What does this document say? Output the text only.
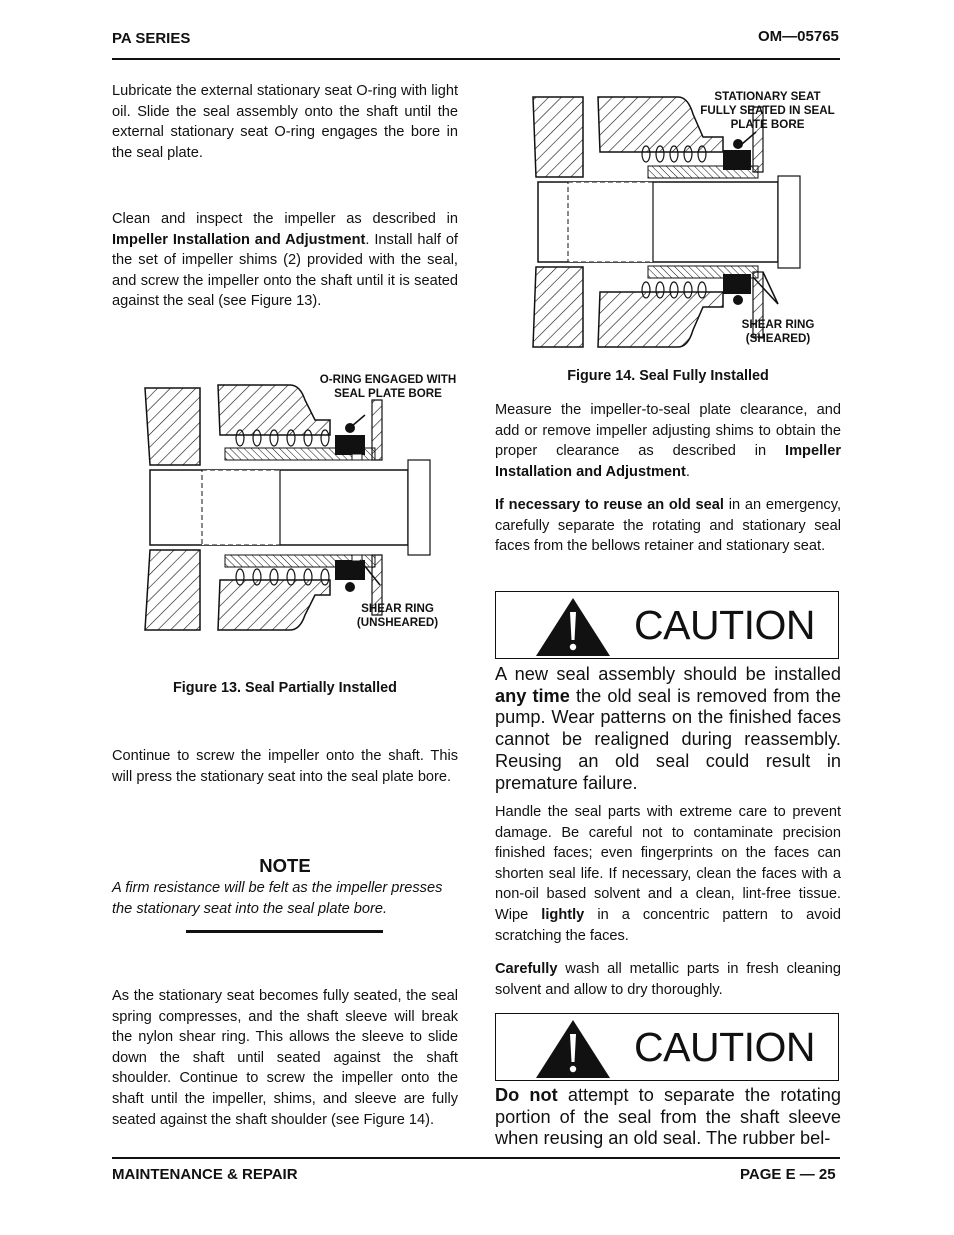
PA SERIES	OM—05765

Lubricate the external stationary seat O-ring with light oil. Slide the seal assembly onto the shaft until the external stationary seat O-ring engages the bore in the seal plate.

Clean and inspect the impeller as described in Impeller Installation and Adjustment. Install half of the set of impeller shims (2) provided with the seal, and screw the impeller onto the shaft until it is seated against the seal (see Figure 13).

O-RING ENGAGED WITH SEAL PLATE BORE
SHEAR RING (UNSHEARED)
Figure 13. Seal Partially Installed

Continue to screw the impeller onto the shaft. This will press the stationary seat into the seal plate bore.

NOTE

A firm resistance will be felt as the impeller presses the stationary seat into the seal plate bore.

As the stationary seat becomes fully seated, the seal spring compresses, and the shaft sleeve will break the nylon shear ring. This allows the sleeve to slide down the shaft until seated against the shaft shoulder. Continue to screw the impeller onto the shaft until the impeller, shims, and sleeve are fully seated against the shaft shoulder (see Figure 14).

STATIONARY SEAT FULLY SEATED IN SEAL PLATE BORE
SHEAR RING (SHEARED)
Figure 14. Seal Fully Installed

Measure the impeller-to-seal plate clearance, and add or remove impeller adjusting shims to obtain the proper clearance as described in Impeller Installation and Adjustment.

If necessary to reuse an old seal in an emergency, carefully separate the rotating and stationary seal faces from the bellows retainer and stationary seat.

CAUTION

A new seal assembly should be installed any time the old seal is removed from the pump. Wear patterns on the finished faces cannot be realigned during reassembly. Reusing an old seal could result in premature failure.

Handle the seal parts with extreme care to prevent damage. Be careful not to contaminate precision finished faces; even fingerprints on the faces can shorten seal life. If necessary, clean the faces with a non-oil based solvent and a clean, lint-free tissue. Wipe lightly in a concentric pattern to avoid scratching the faces.

Carefully wash all metallic parts in fresh cleaning solvent and allow to dry thoroughly.

CAUTION

Do not attempt to separate the rotating portion of the seal from the shaft sleeve when reusing an old seal. The rubber bel-

MAINTENANCE & REPAIR	PAGE E — 25
